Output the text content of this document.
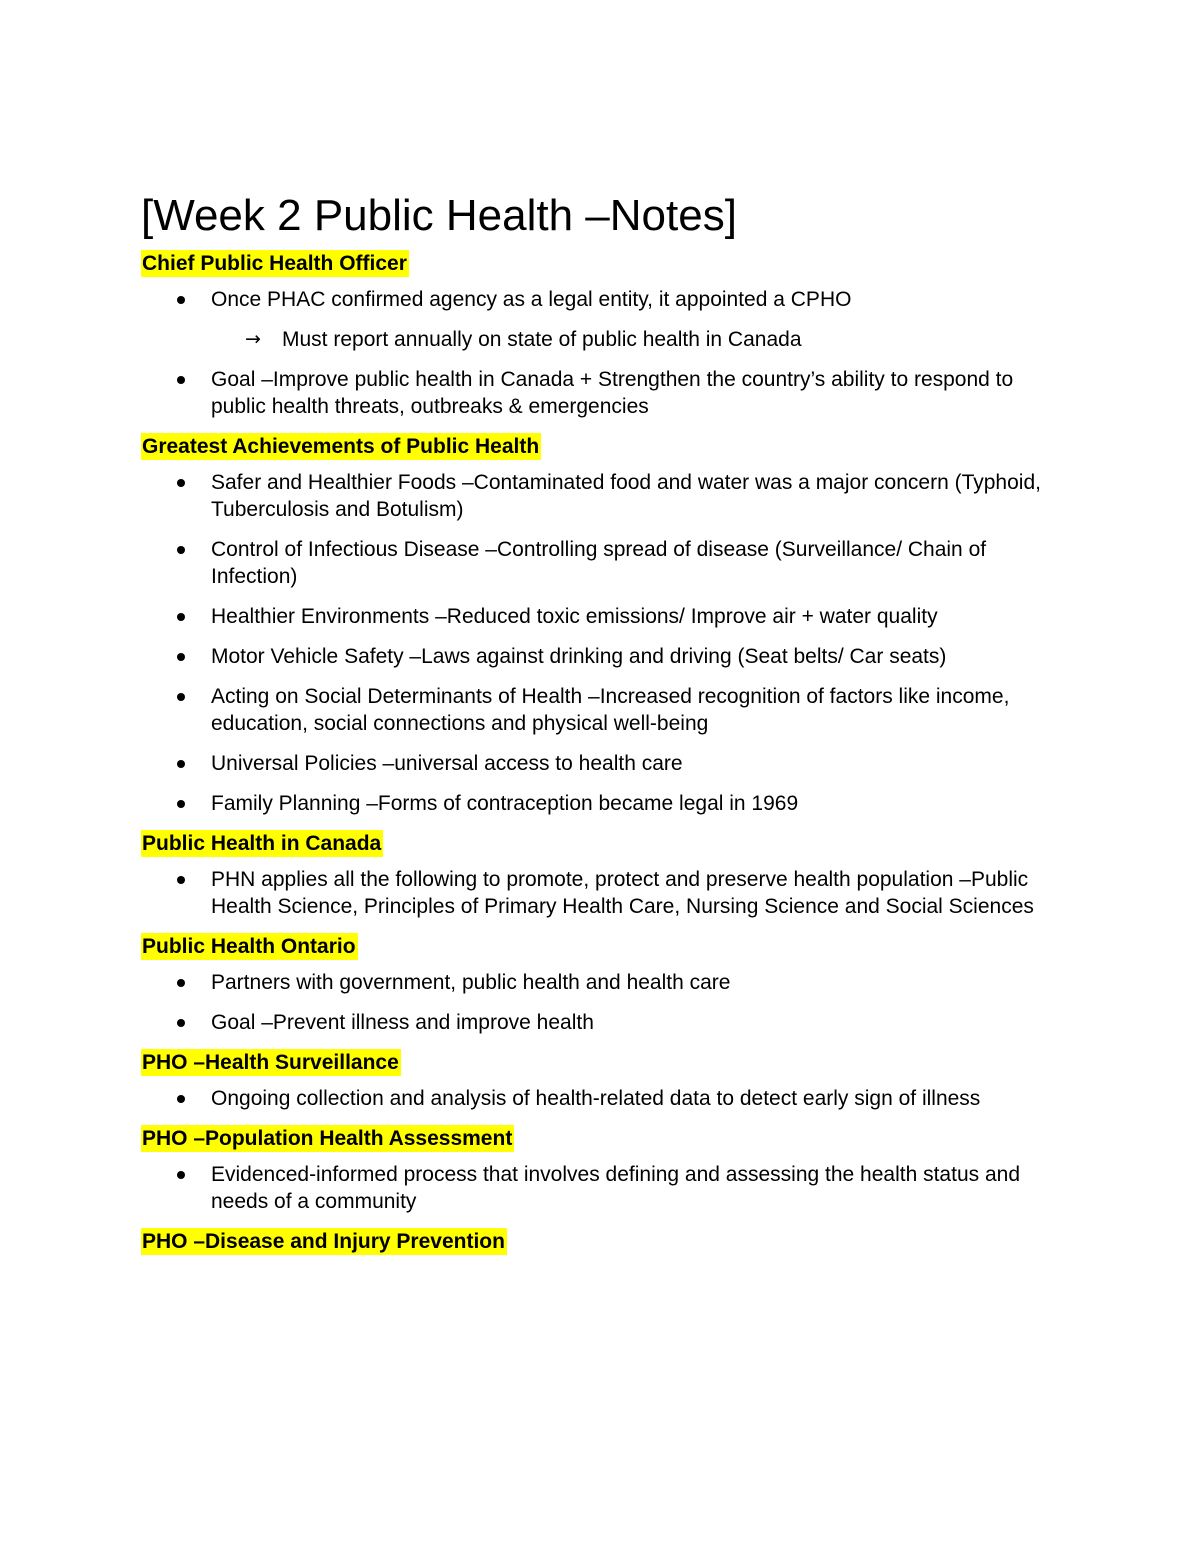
[Week 2 Public Health –Notes]
Chief Public Health Officer
Once PHAC confirmed agency as a legal entity, it appointed a CPHO
→ Must report annually on state of public health in Canada
Goal –Improve public health in Canada + Strengthen the country’s ability to respond to public health threats, outbreaks & emergencies
Greatest Achievements of Public Health
Safer and Healthier Foods –Contaminated food and water was a major concern (Typhoid, Tuberculosis and Botulism)
Control of Infectious Disease –Controlling spread of disease (Surveillance/ Chain of Infection)
Healthier Environments –Reduced toxic emissions/ Improve air + water quality
Motor Vehicle Safety –Laws against drinking and driving (Seat belts/ Car seats)
Acting on Social Determinants of Health –Increased recognition of factors like income, education, social connections and physical well-being
Universal Policies –universal access to health care
Family Planning –Forms of contraception became legal in 1969
Public Health in Canada
PHN applies all the following to promote, protect and preserve health population –Public Health Science, Principles of Primary Health Care, Nursing Science and Social Sciences
Public Health Ontario
Partners with government, public health and health care
Goal –Prevent illness and improve health
PHO –Health Surveillance
Ongoing collection and analysis of health-related data to detect early sign of illness
PHO –Population Health Assessment
Evidenced-informed process that involves defining and assessing the health status and needs of a community
PHO –Disease and Injury Prevention
